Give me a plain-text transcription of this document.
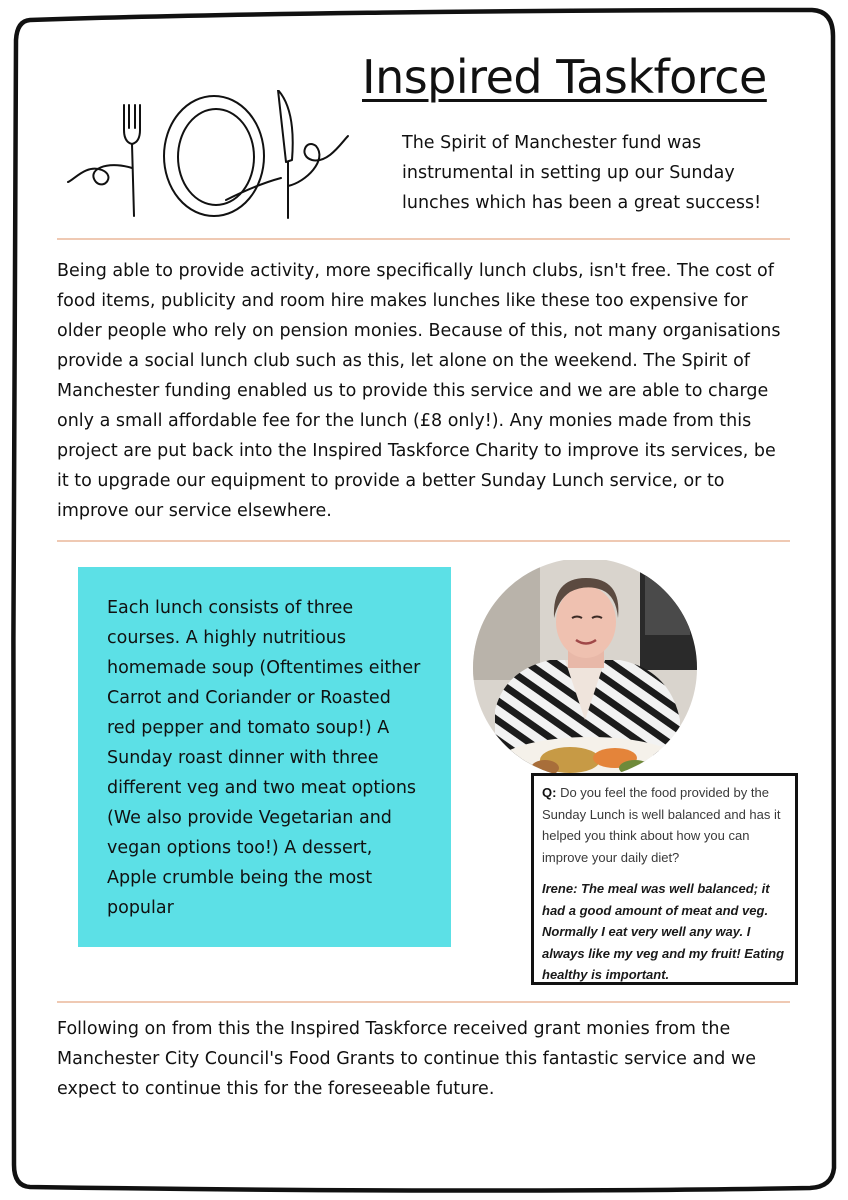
Inspired Taskforce
The Spirit of Manchester fund was instrumental in setting up our Sunday lunches which has been a great success!
Being able to provide activity, more specifically lunch clubs, isn't free. The cost of food items, publicity and room hire makes lunches like these too expensive for older people who rely on pension monies. Because of this, not many organisations provide a social lunch club such as this, let alone on the weekend. The Spirit of Manchester funding enabled us to provide this service and we are able to charge only a small affordable fee for the lunch (£8 only!). Any monies made from this project are put back into the Inspired Taskforce Charity to improve its services, be it to upgrade our equipment to provide a better Sunday Lunch service, or to improve our service elsewhere.

Each lunch consists of three courses. A highly nutritious homemade soup (Oftentimes either Carrot and Coriander or Roasted red pepper and tomato soup!) A Sunday roast dinner with three different veg and two meat options (We also provide Vegetarian and vegan options too!) A dessert, Apple crumble being the most popular

Q: Do you feel the food provided by the Sunday Lunch is well balanced and has it helped you think about how you can improve your daily diet?

Irene: The meal was well balanced; it had a good amount of meat and veg. Normally I eat very well any way. I always like my veg and my fruit! Eating healthy is important.

Following on from this the Inspired Taskforce received grant monies from the Manchester City Council's Food Grants to continue this fantastic service and we expect to continue this for the foreseeable future.
